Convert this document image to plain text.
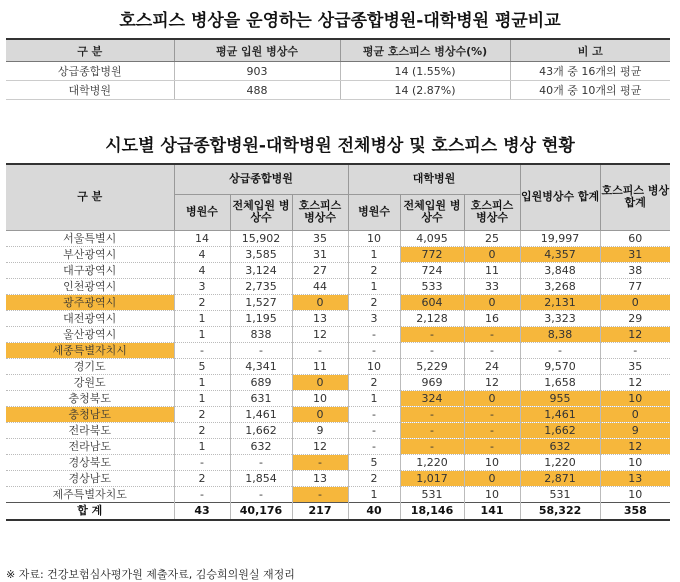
호스피스 병상을 운영하는 상급종합병원-대학병원 평균비교
구 분	평균 입원 병상수	평균 호스피스 병상수(%)	비 고
상급종합병원	903	14 (1.55%)	43개 중 16개의 평균
대학병원	488	14 (2.87%)	40개 중 10개의 평균
시도별 상급종합병원-대학병원 전체병상 및 호스피스 병상 현황
구 분	상급종합병원			대학병원			입원병상수 합계	호스피스 병상합계
	병원수	전체입원 병상수	호스피스 병상수	병원수	전체입원 병상수	호스피스 병상수		
서울특별시	14	15,902	35	10	4,095	25	19,997	60
부산광역시	4	3,585	31	1	772	0	4,357	31
대구광역시	4	3,124	27	2	724	11	3,848	38
인천광역시	3	2,735	44	1	533	33	3,268	77
광주광역시	2	1,527	0	2	604	0	2,131	0
대전광역시	1	1,195	13	3	2,128	16	3,323	29
울산광역시	1	838	12	-	-	-	8,38	12
세종특별자치시	-	-	-	-	-	-	-	-
경기도	5	4,341	11	10	5,229	24	9,570	35
강원도	1	689	0	2	969	12	1,658	12
충청북도	1	631	10	1	324	0	955	10
충청남도	2	1,461	0	-	-	-	1,461	0
전라북도	2	1,662	9	-	-	-	1,662	9
전라남도	1	632	12	-	-	-	632	12
경상북도	-	-	-	5	1,220	10	1,220	10
경상남도	2	1,854	13	2	1,017	0	2,871	13
제주특별자치도	-	-	-	1	531	10	531	10
합 계	43	40,176	217	40	18,146	141	58,322	358
※ 자료: 건강보험심사평가원 제출자료, 김승희의원실 재정리
